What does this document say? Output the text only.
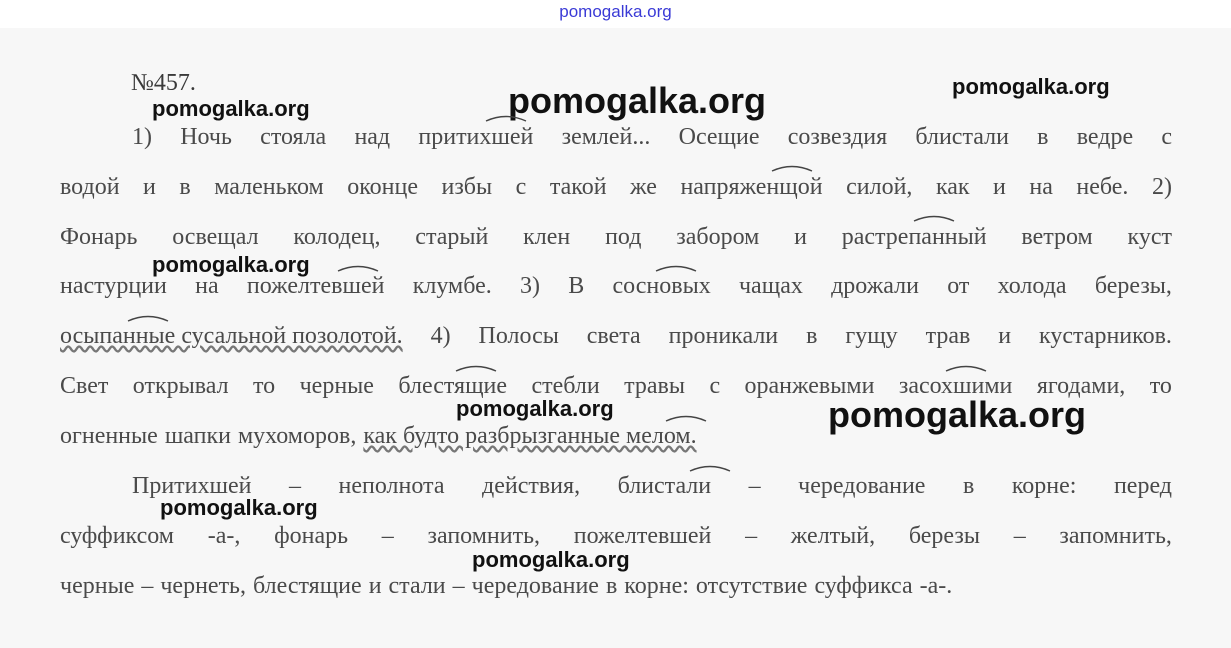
pomogalka.org
№457.
1) Ночь стояла над притихшей землей... Осещие созвездия блистали в ведре с
водой и в маленьком оконце избы с такой же напряженщой силой, как и на небе. 2)
Фонарь освещал колодец, старый клен под забором и растрепанный ветром куст
настурции на пожелтевшей клумбе. 3) В сосновых чащах дрожали от холода березы,
осыпанные сусальной позолотой. 4) Полосы света проникали в гущу трав и кустарников.
Свет открывал то черные блестящие стебли травы с оранжевыми засохшими ягодами, то
огненные шапки мухоморов, как будто разбрызганные мелом.
Притихшей – неполнота действия, блистали – чередование в корне: перед
суффиксом -а-, фонарь – запомнить, пожелтевшей – желтый, березы – запомнить,
черные – чернеть, блестящие и стали – чередование в корне: отсутствие суффикса -а-.
pomogalka.org	pomogalka.org	pomogalka.org
pomogalka.org
pomogalka.org	pomogalka.org
pomogalka.org
pomogalka.org
